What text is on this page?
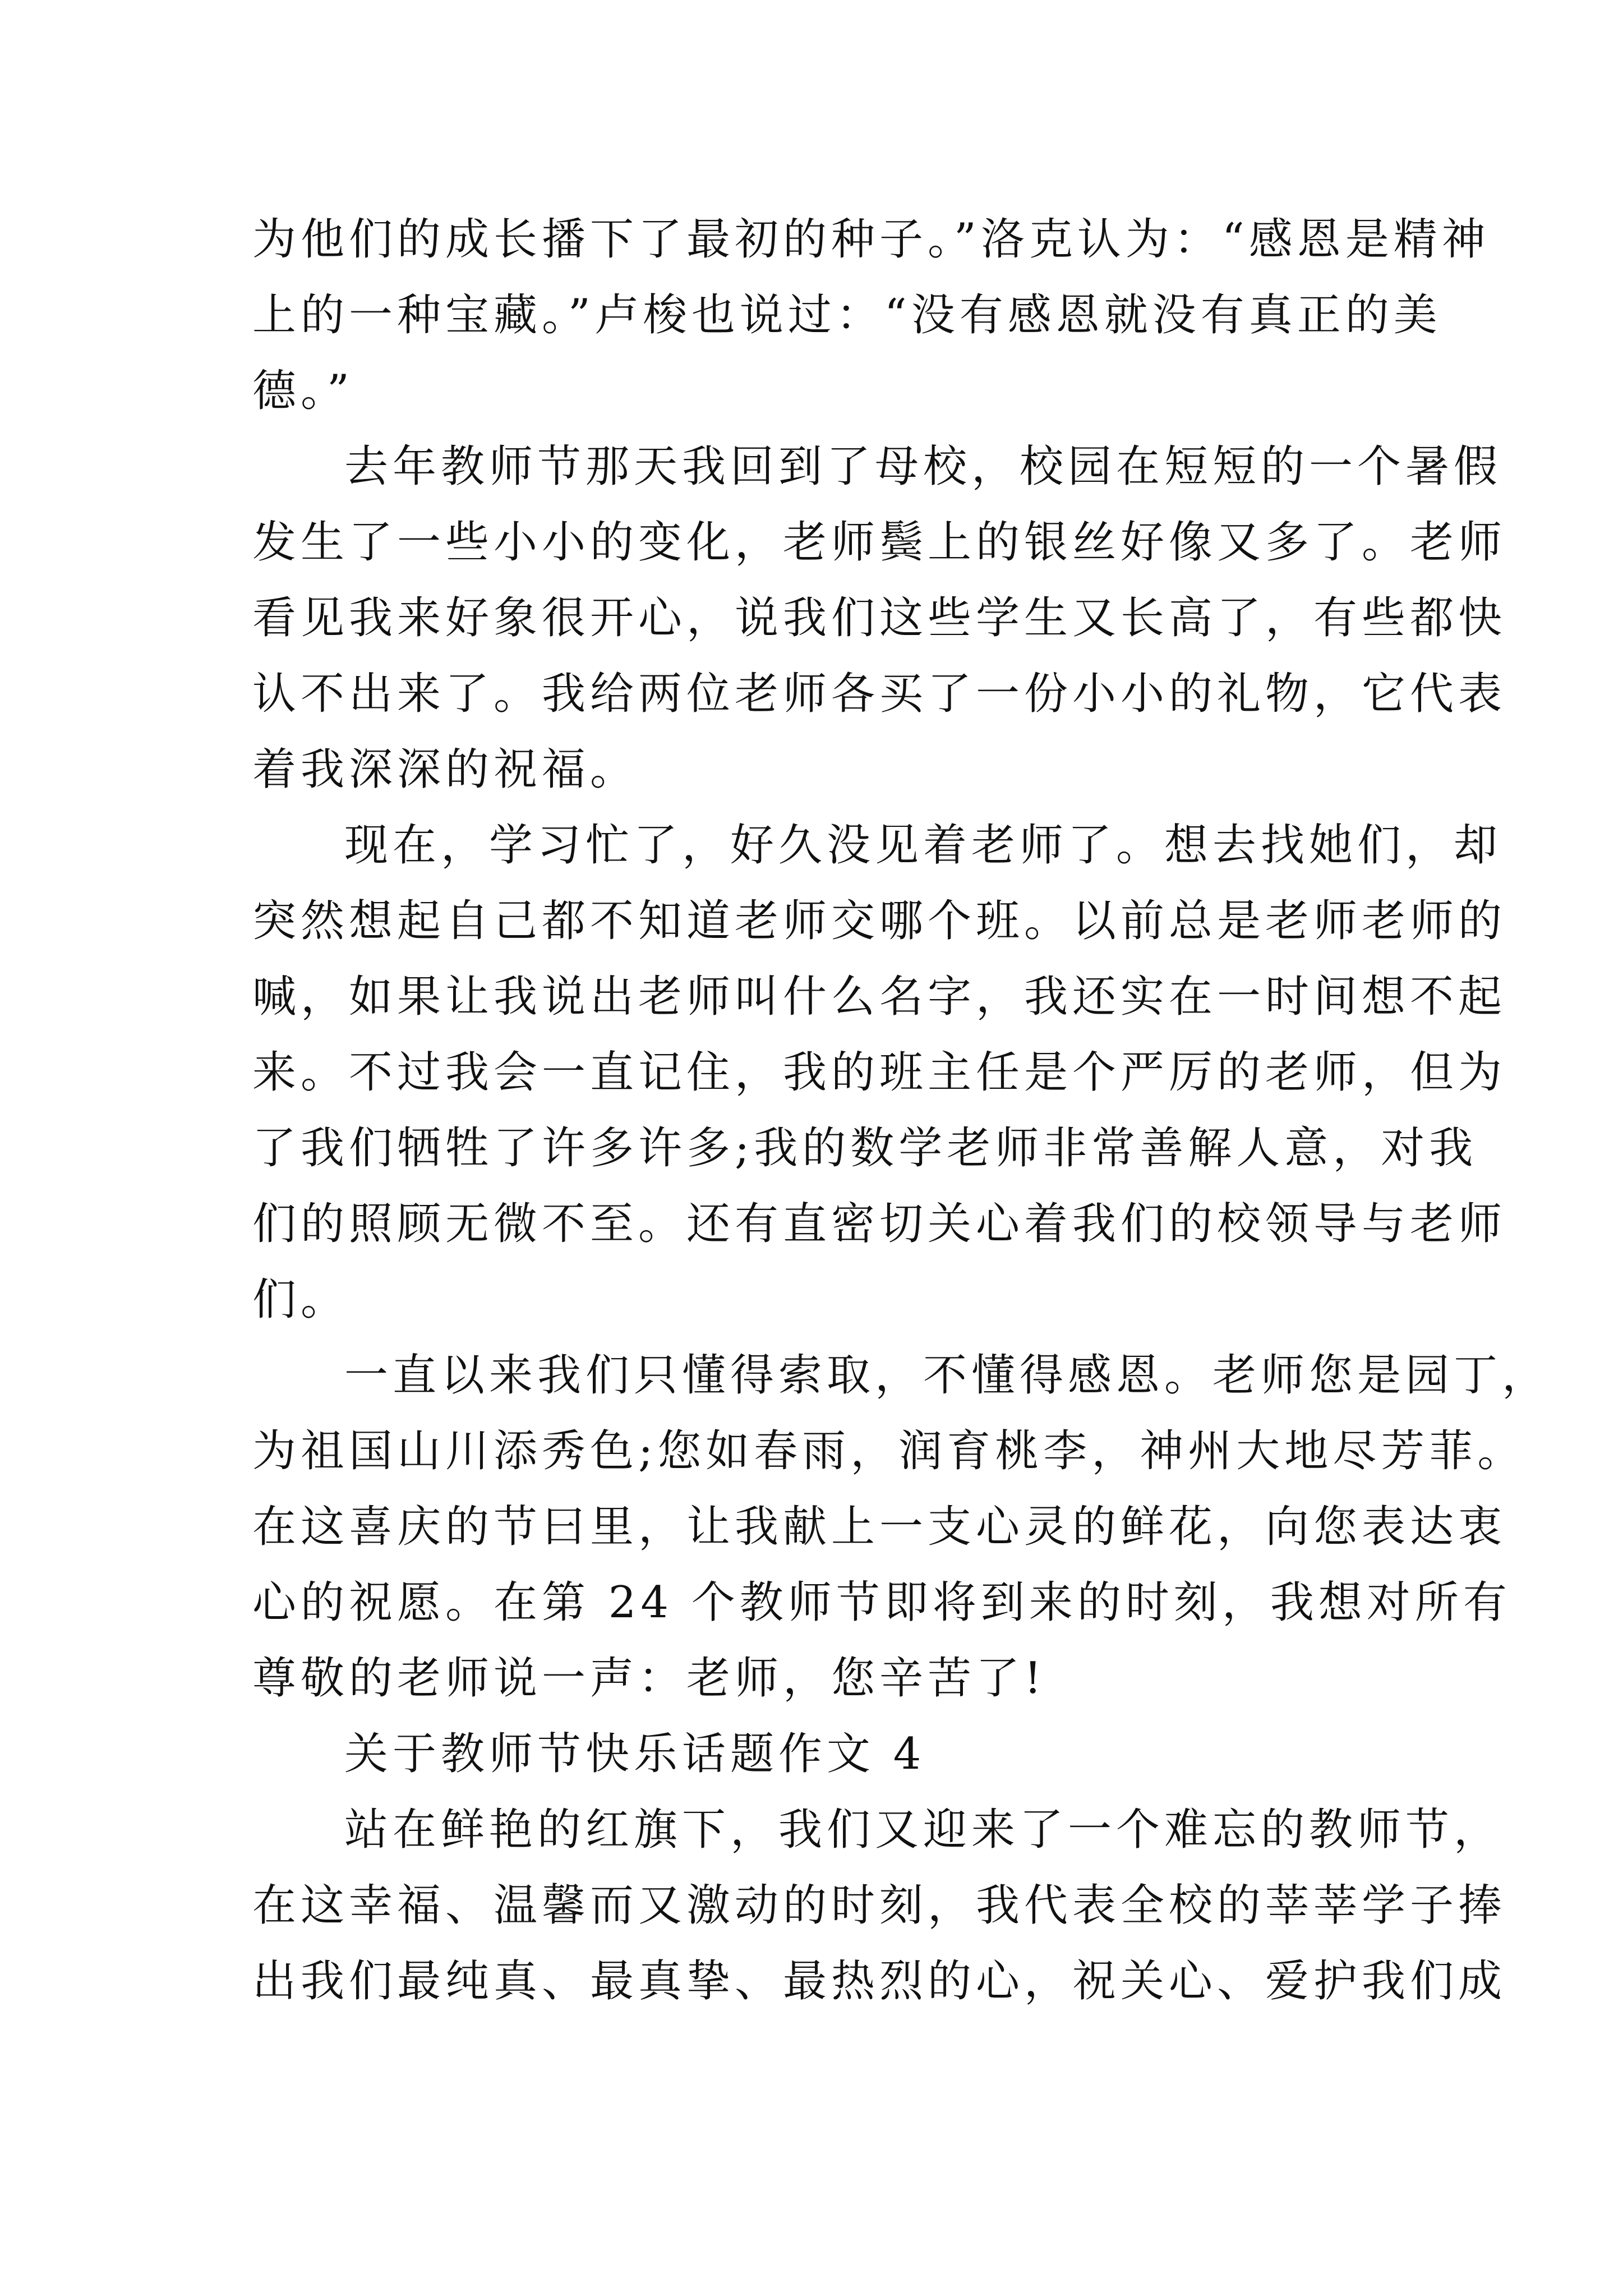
为他们的成长播下了最初的种子。”洛克认为：“感恩是精神
上的一种宝藏。”卢梭也说过：“没有感恩就没有真正的美
德。”
去年教师节那天我回到了母校，校园在短短的一个暑假
发生了一些小小的变化，老师鬓上的银丝好像又多了。老师
看见我来好象很开心，说我们这些学生又长高了，有些都快
认不出来了。我给两位老师各买了一份小小的礼物，它代表
着我深深的祝福。
现在，学习忙了，好久没见着老师了。想去找她们，却
突然想起自己都不知道老师交哪个班。以前总是老师老师的
喊，如果让我说出老师叫什么名字，我还实在一时间想不起
来。不过我会一直记住，我的班主任是个严厉的老师，但为
了我们牺牲了许多许多;我的数学老师非常善解人意，对我
们的照顾无微不至。还有直密切关心着我们的校领导与老师
们。
一直以来我们只懂得索取，不懂得感恩。老师您是园丁，
为祖国山川添秀色;您如春雨，润育桃李，神州大地尽芳菲。
在这喜庆的节曰里，让我献上一支心灵的鲜花，向您表达衷
心的祝愿。在第 24 个教师节即将到来的时刻，我想对所有
尊敬的老师说一声：老师，您辛苦了!
关于教师节快乐话题作文 4
站在鲜艳的红旗下，我们又迎来了一个难忘的教师节，
在这幸福、温馨而又激动的时刻，我代表全校的莘莘学子捧
出我们最纯真、最真挚、最热烈的心，祝关心、爱护我们成
